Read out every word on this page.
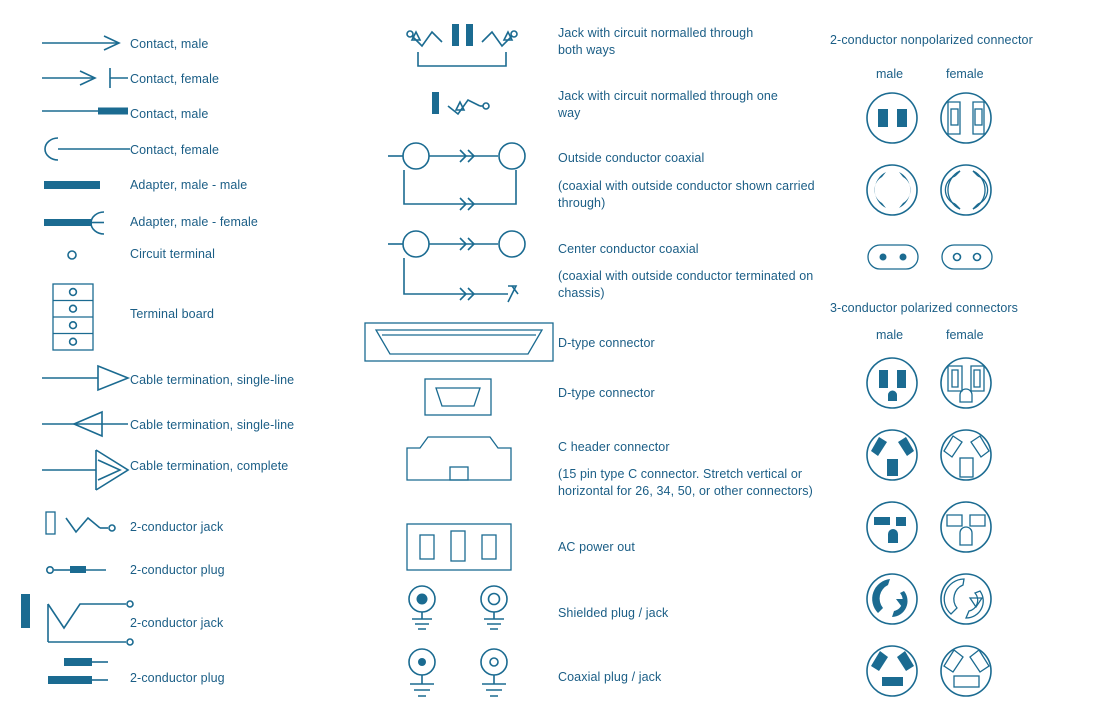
Contact, male
Contact, female
Contact, male
Contact, female
Adapter, male - male
Adapter, male - female
Circuit terminal
Terminal board
Cable termination, single-line
Cable termination, single-line
Cable termination, complete
2-conductor jack
2-conductor plug
2-conductor jack
2-conductor plug
Jack with circuit normalled through both ways
Jack with circuit normalled through one way
Outside conductor coaxial
(coaxial with outside conductor shown carried through)
Center conductor coaxial
(coaxial with outside conductor terminated on chassis)
D-type connector
D-type connector
C header connector
(15 pin type C connector. Stretch vertical or horizontal for 26, 34, 50, or other connectors)
AC power out
Shielded plug / jack
Coaxial plug / jack
2-conductor nonpolarized connector
male	female
3-conductor polarized connectors
male	female
